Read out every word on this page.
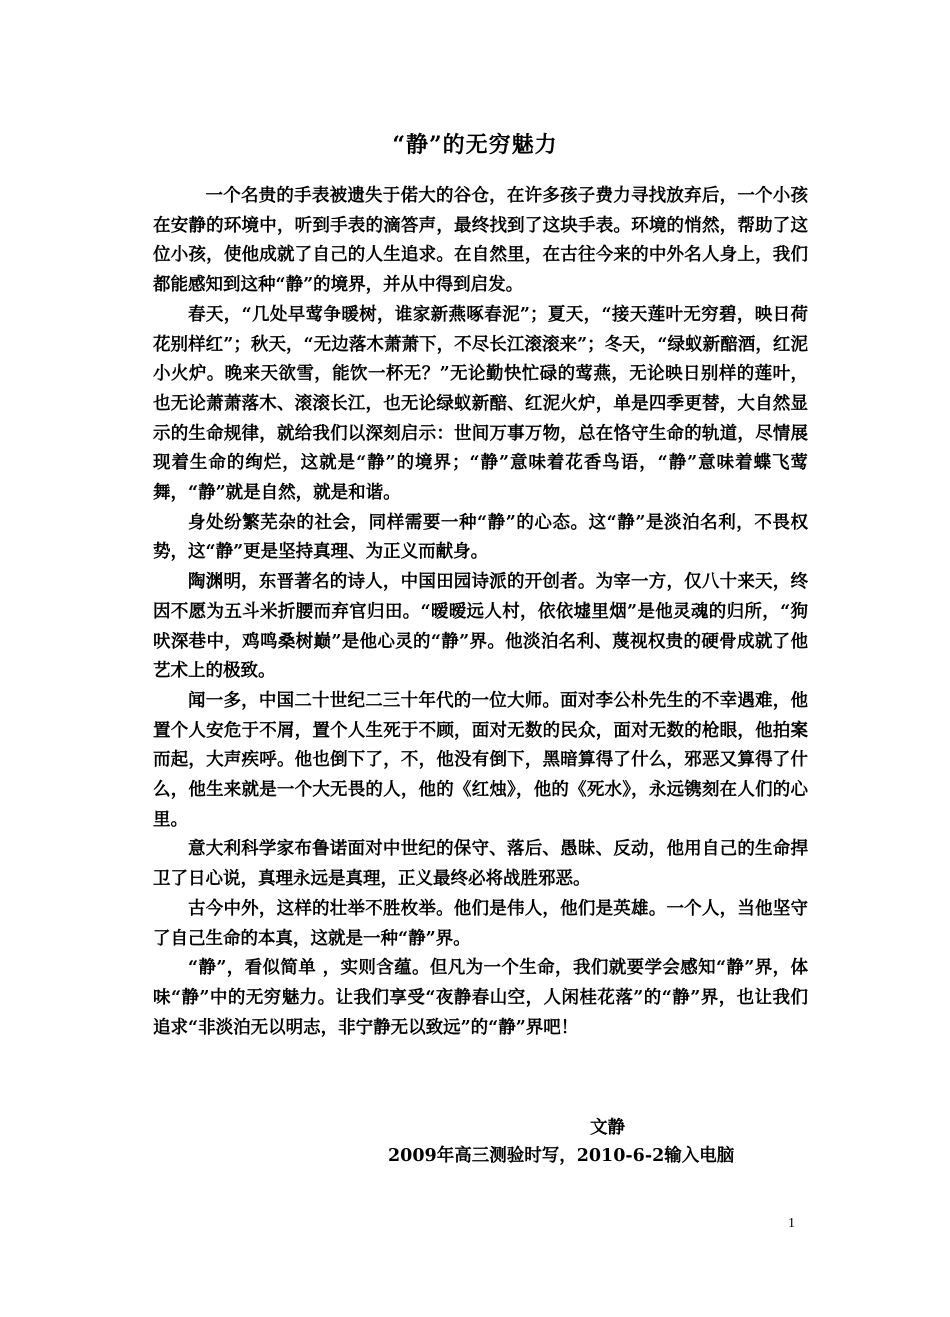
“静”的无穷魅力

一个名贵的手表被遗失于偌大的谷仓，在许多孩子费力寻找放弃后，一个小孩在安静的环境中，听到手表的滴答声，最终找到了这块手表。环境的悄然，帮助了这位小孩，使他成就了自己的人生追求。在自然里，在古往今来的中外名人身上，我们都能感知到这种“静”的境界，并从中得到启发。

春天，“几处早莺争暖树，谁家新燕啄春泥”；夏天，“接天莲叶无穷碧，映日荷花别样红”；秋天，“无边落木萧萧下，不尽长江滚滚来”；冬天，“绿蚁新醅酒，红泥小火炉。晚来天欲雪，能饮一杯无？”无论勤快忙碌的莺燕，无论映日别样的莲叶，也无论萧萧落木、滚滚长江，也无论绿蚁新醅、红泥火炉，单是四季更替，大自然显示的生命规律，就给我们以深刻启示：世间万事万物，总在恪守生命的轨道，尽情展现着生命的绚烂，这就是“静”的境界；“静”意味着花香鸟语，“静”意味着蝶飞莺舞，“静”就是自然，就是和谐。

身处纷繁芜杂的社会，同样需要一种“静”的心态。这“静”是淡泊名利，不畏权势，这“静”更是坚持真理、为正义而献身。

陶渊明，东晋著名的诗人，中国田园诗派的开创者。为宰一方，仅八十来天，终因不愿为五斗米折腰而弃官归田。“暧暧远人村，依依墟里烟”是他灵魂的归所，“狗吠深巷中，鸡鸣桑树巅”是他心灵的“静”界。他淡泊名利、蔑视权贵的硬骨成就了他艺术上的极致。

闻一多，中国二十世纪二三十年代的一位大师。面对李公朴先生的不幸遇难，他置个人安危于不屑，置个人生死于不顾，面对无数的民众，面对无数的枪眼，他拍案而起，大声疾呼。他也倒下了，不，他没有倒下，黑暗算得了什么，邪恶又算得了什么，他生来就是一个大无畏的人，他的《红烛》，他的《死水》，永远镌刻在人们的心里。

意大利科学家布鲁诺面对中世纪的保守、落后、愚昧、反动，他用自己的生命捍卫了日心说，真理永远是真理，正义最终必将战胜邪恶。

古今中外，这样的壮举不胜枚举。他们是伟人，他们是英雄。一个人，当他坚守了自己生命的本真，这就是一种“静”界。

“静”，看似简单 ，实则含蕴。但凡为一个生命，我们就要学会感知“静”界，体味“静”中的无穷魅力。让我们享受“夜静春山空，人闲桂花落”的“静”界，也让我们追求“非淡泊无以明志，非宁静无以致远”的“静”界吧！

文静
2009年高三测验时写，2010-6-2输入电脑
1
